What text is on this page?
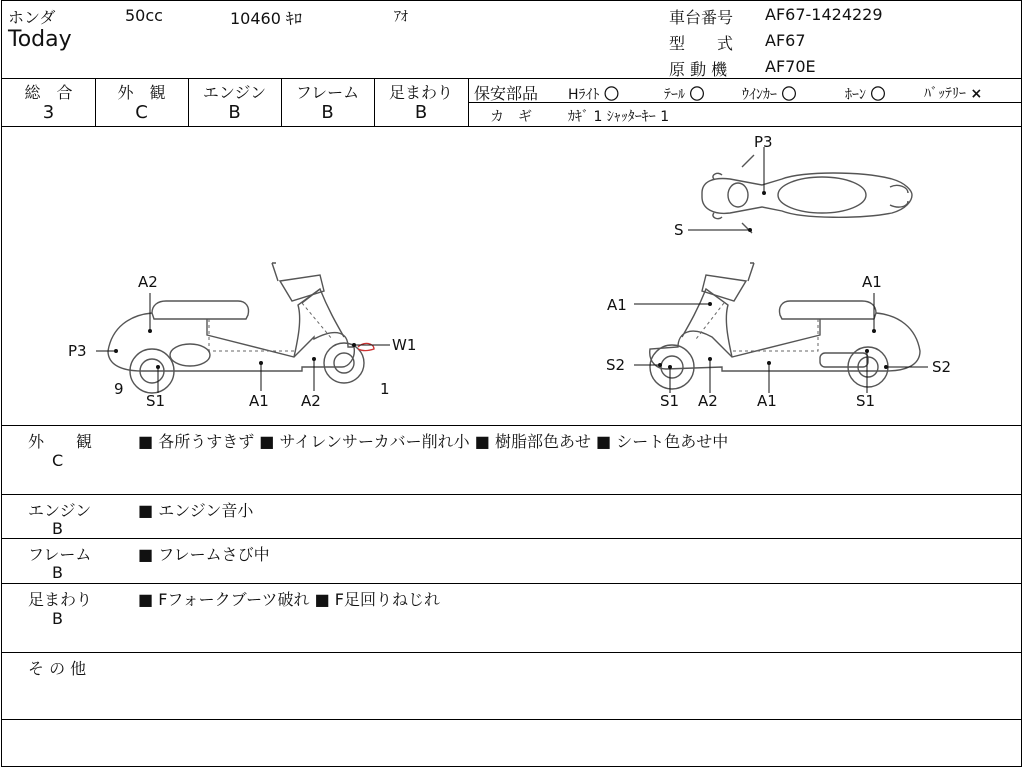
ホンダ	50cc	10460 ｷﾛ	ｱｵ
Today
車台番号 AF67-1424229
型　　式 AF67
原 動 機 AF70E
総　合
3
外　観
C
エンジン
B
フレーム
B
足まわり
B
保安部品 Hﾗｲﾄ 〇	ﾃｰﾙ 〇	ｳｲﾝｶｰ 〇	ﾎｰﾝ 〇	ﾊﾞｯﾃﾘｰ ×
カ　ギ	ｶｷﾞ 1 ｼｬｯﾀｰｷｰ 1
A2
P3
9
S1	A1 A2
W1
1
A1
A1
S2	S2
S1 A2	A1	S1
P3
S
外　　観
C
■ 各所うすきず ■ サイレンサーカバー削れ小 ■ 樹脂部色あせ ■ シート色あせ中
エンジン
B
■ エンジン音小
フレーム
B
■ フレームさび中
足まわり
B
■ Fフォークブーツ破れ ■ F足回りねじれ
そ の 他
